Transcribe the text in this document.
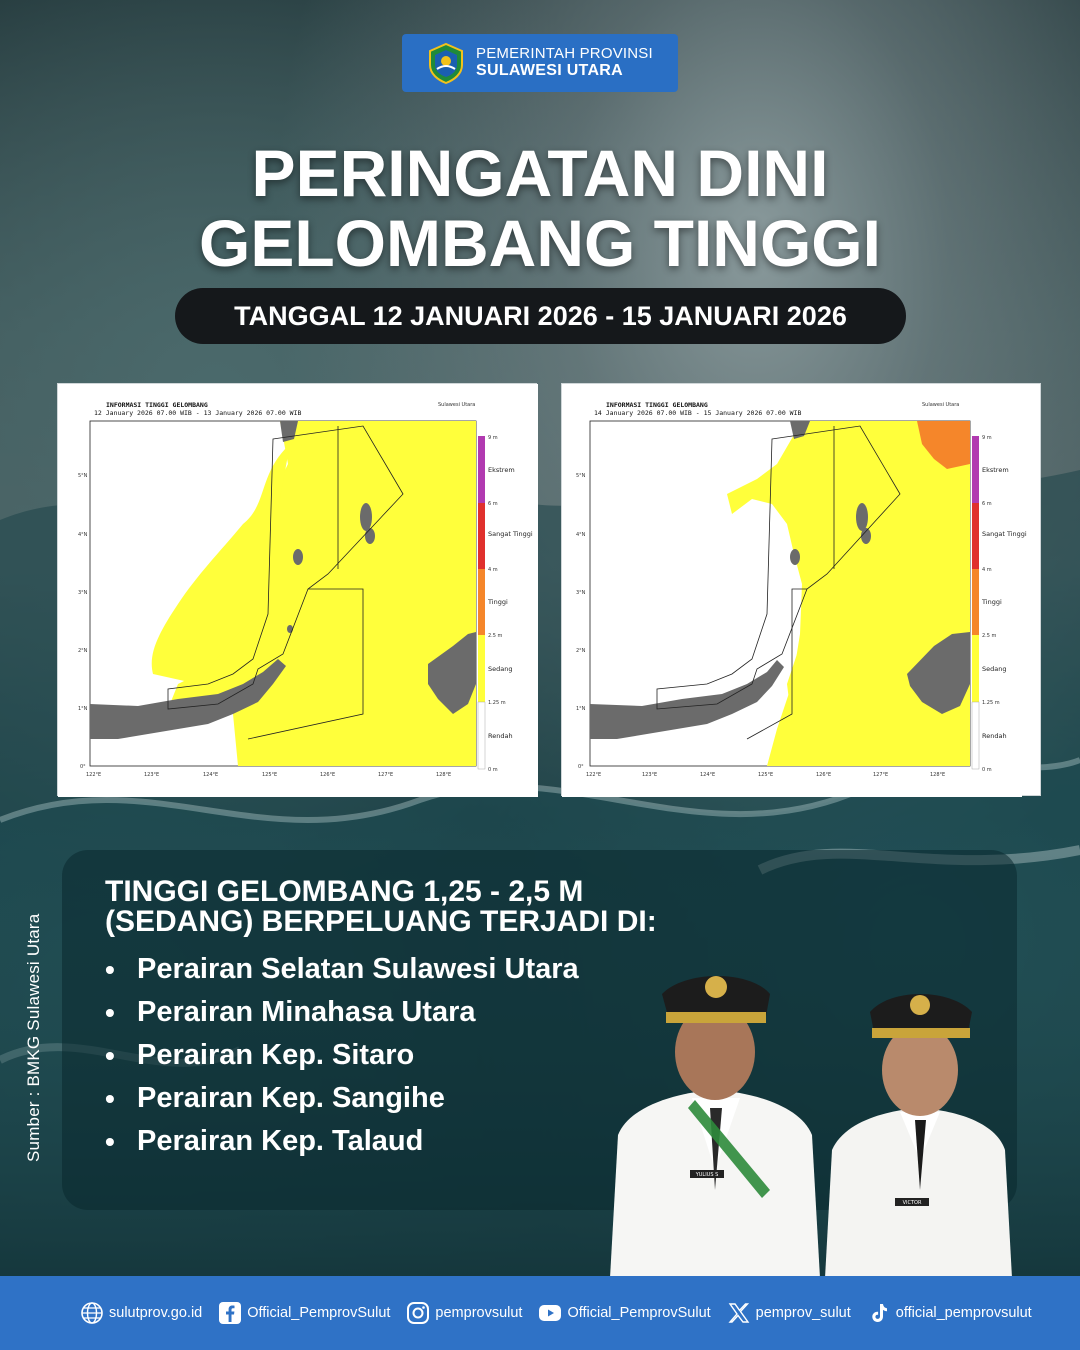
PEMERINTAH PROVINSI
SULAWESI UTARA
PERINGATAN DINI
GELOMBANG TINGGI
TANGGAL 12 JANUARI 2026 - 15 JANUARI 2026
INFORMASI TINGGI GELOMBANG
12 January 2026 07.00 WIB - 13 January 2026 07.00 WIB
Sulawesi Utara
9 m
6 m
4 m
2.5 m
1.25 m
0 m
Ekstrem
Sangat Tinggi
Tinggi
Sedang
Rendah
122°E	123°E	124°E	125°E	126°E	127°E	128°E
5°N
4°N
3°N
2°N
1°N
0°
INFORMASI TINGGI GELOMBANG
14 January 2026 07.00 WIB - 15 January 2026 07.00 WIB
Sulawesi Utara
9 m
6 m
4 m
2.5 m
1.25 m
0 m
Ekstrem
Sangat Tinggi
Tinggi
Sedang
Rendah
122°E	123°E	124°E	125°E	126°E	127°E	128°E
5°N
4°N
3°N
2°N
1°N
0°
TINGGI GELOMBANG 1,25 - 2,5 M
(SEDANG) BERPELUANG TERJADI DI:
• Perairan Selatan Sulawesi Utara
• Perairan Minahasa Utara
• Perairan Kep. Sitaro
• Perairan Kep. Sangihe
• Perairan Kep. Talaud
Sumber : BMKG Sulawesi Utara
VICTOR
YULIUS S
sulutprov.go.id	Official_PemprovSulut	pemprovsulut	Official_PemprovSulut	pemprov_sulut	official_pemprovsulut
